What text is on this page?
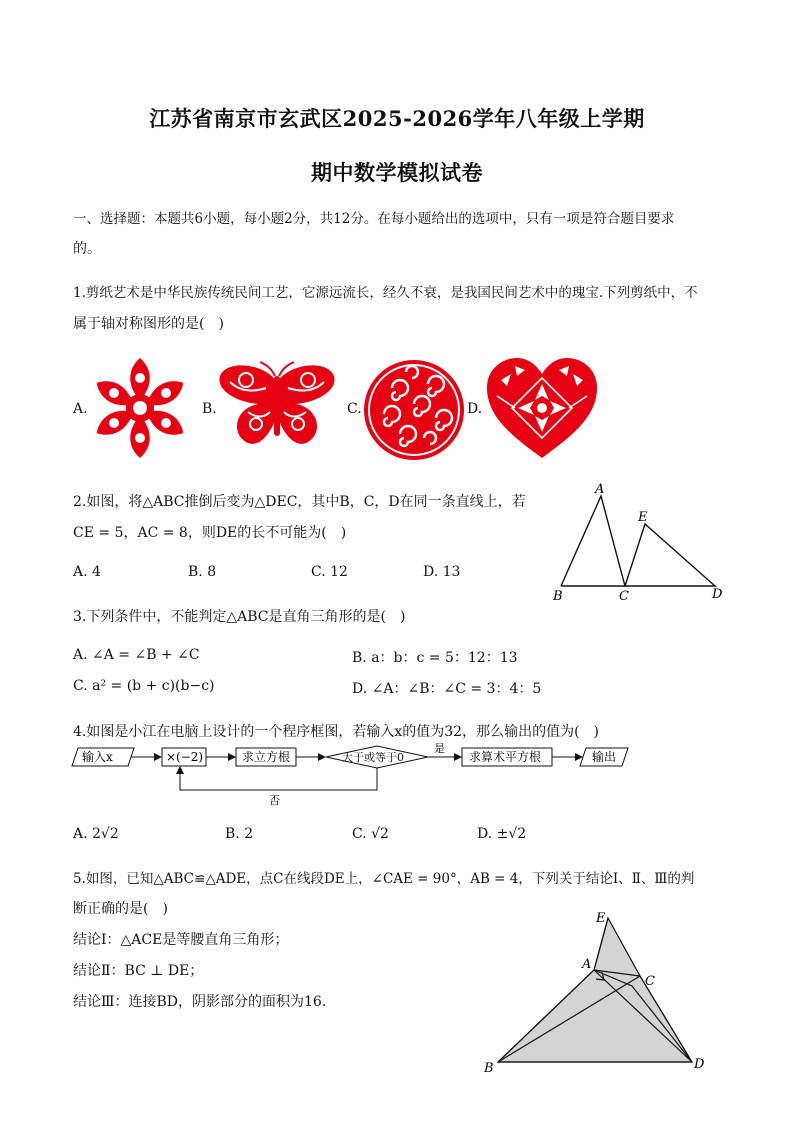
江苏省南京市玄武区2025-2026学年八年级上学期
期中数学模拟试卷
一、选择题：本题共6小题，每小题2分，共12分。在每小题给出的选项中，只有一项是符合题目要求
的。
1.剪纸艺术是中华民族传统民间工艺，它源远流长，经久不衰，是我国民间艺术中的瑰宝.下列剪纸中，不
属于轴对称图形的是(　)
A.	B.	C.	D.
2.如图，将△ABC推倒后变为△DEC，其中B，C，D在同一条直线上，若
CE = 5，AC = 8，则DE的长不可能为(　)
A. 4	B. 8	C. 12	D. 13
A
E
B	C	D
3.下列条件中，不能判定△ABC是直角三角形的是(　)
A. ∠A = ∠B + ∠C	B. a：b：c = 5：12：13
C. a² = (b + c)(b−c)	D. ∠A：∠B：∠C = 3：4：5
4.如图是小江在电脑上设计的一个程序框图，若输入x的值为32，那么输出的值为(　)
输入x	×(−2)	求立方根	大于或等于0
是
求算术平方根	输出
否
A. 2√2	B. 2	C. √2	D. ±√2
5.如图，已知△ABC≌△ADE，点C在线段DE上，∠CAE = 90°，AB = 4，下列关于结论Ⅰ、Ⅱ、Ⅲ的判
断正确的是(　)
结论Ⅰ：△ACE是等腰直角三角形；
结论Ⅱ：BC ⊥ DE；
结论Ⅲ：连接BD，阴影部分的面积为16.
E
A
C
B	D
